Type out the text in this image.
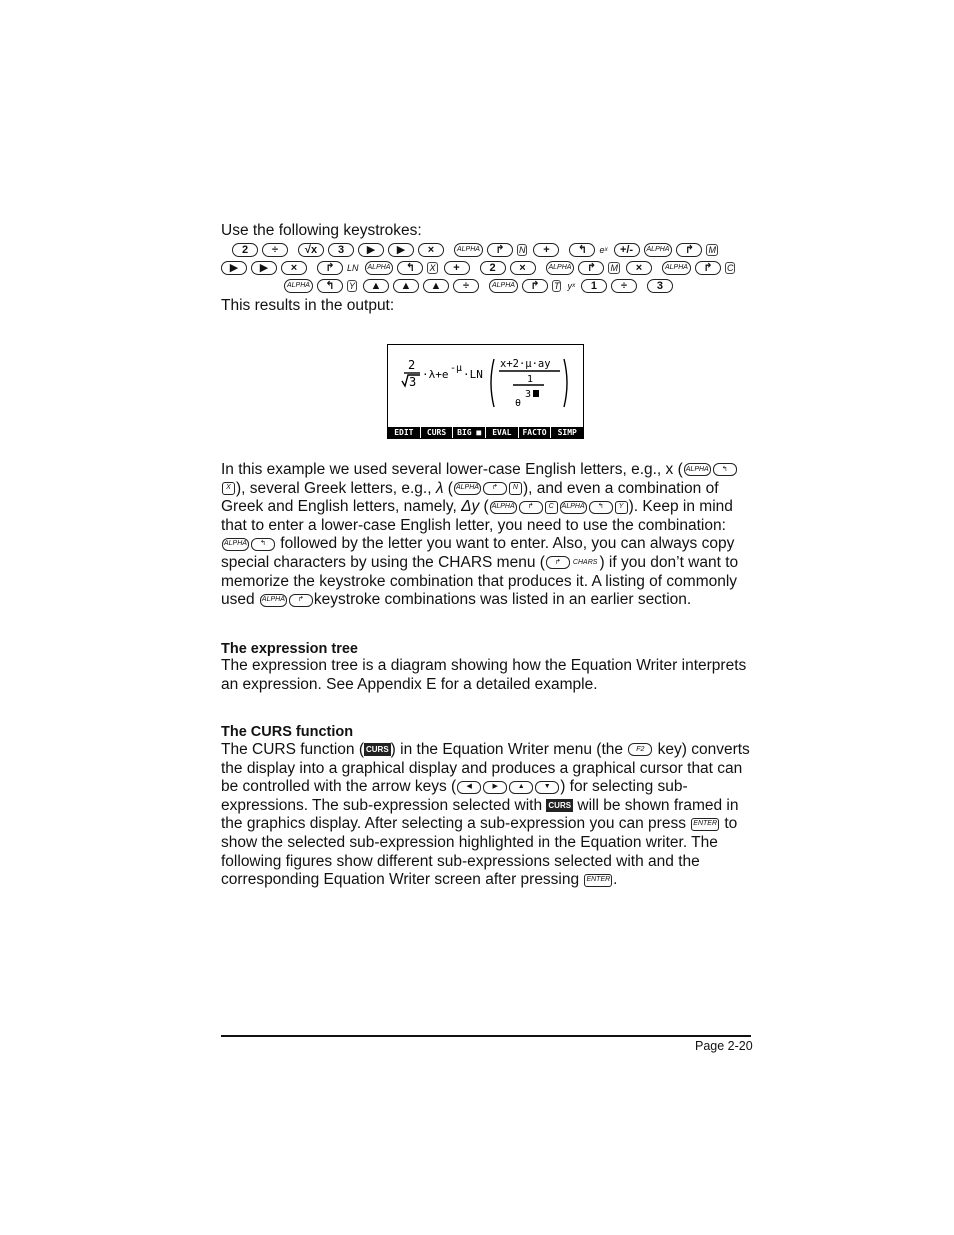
Use the following keystrokes:
2	÷	√x	3	▶	▶	×	ALPHA	↱	N	+	↰	eˣ	+/-	ALPHA	↱	M
▶	▶	×	↱	LN	ALPHA	↰	X	+	2	×	ALPHA	↱	M	×	ALPHA	↱	C
ALPHA	↰	Y	▲	▲	▲	÷	ALPHA	↱	T yˣ	1	÷	3
This results in the output:
2
3
·λ+e -μ ·LN
x+2·μ·ay
1
θ
3
EDIT	CURS	BIG ■	EVAL	FACTO	SIMP

In this example we used several lower-case English letters, e.g., x ( ALPHA ↰X ), several Greek letters, e.g., λ ( ALPHA ↱ N ), and even a combination of Greek and English letters, namely, Δy ( ALPHA ↱ C ALPHA ↰ Y ). Keep in mind that to enter a lower-case English letter, you need to use the combination: ALPHA ↰ followed by the letter you want to enter. Also, you can always copy special characters by using the CHARS menu ( ↱ CHARS ) if you don’t want to memorize the keystroke combination that produces it. A listing of commonly used ALPHA ↱ keystroke combinations was listed in an earlier section.

The expression tree
The expression tree is a diagram showing how the Equation Writer interprets an expression. See Appendix E for a detailed example.
The CURS function

The CURS function ( CURS ) in the Equation Writer menu (the F2 key) converts the display into a graphical display and produces a graphical cursor that can be controlled with the arrow keys ( ◀	▶	▲	▼ ) for selecting sub-expressions. The sub-expression selected with CURS will be shown framed in the graphics display. After selecting a sub-expression you can press ENTER to show the selected sub-expression highlighted in the Equation writer. The following figures show different sub-expressions selected with and the corresponding Equation Writer screen after pressing ENTER .

Page 2-20
